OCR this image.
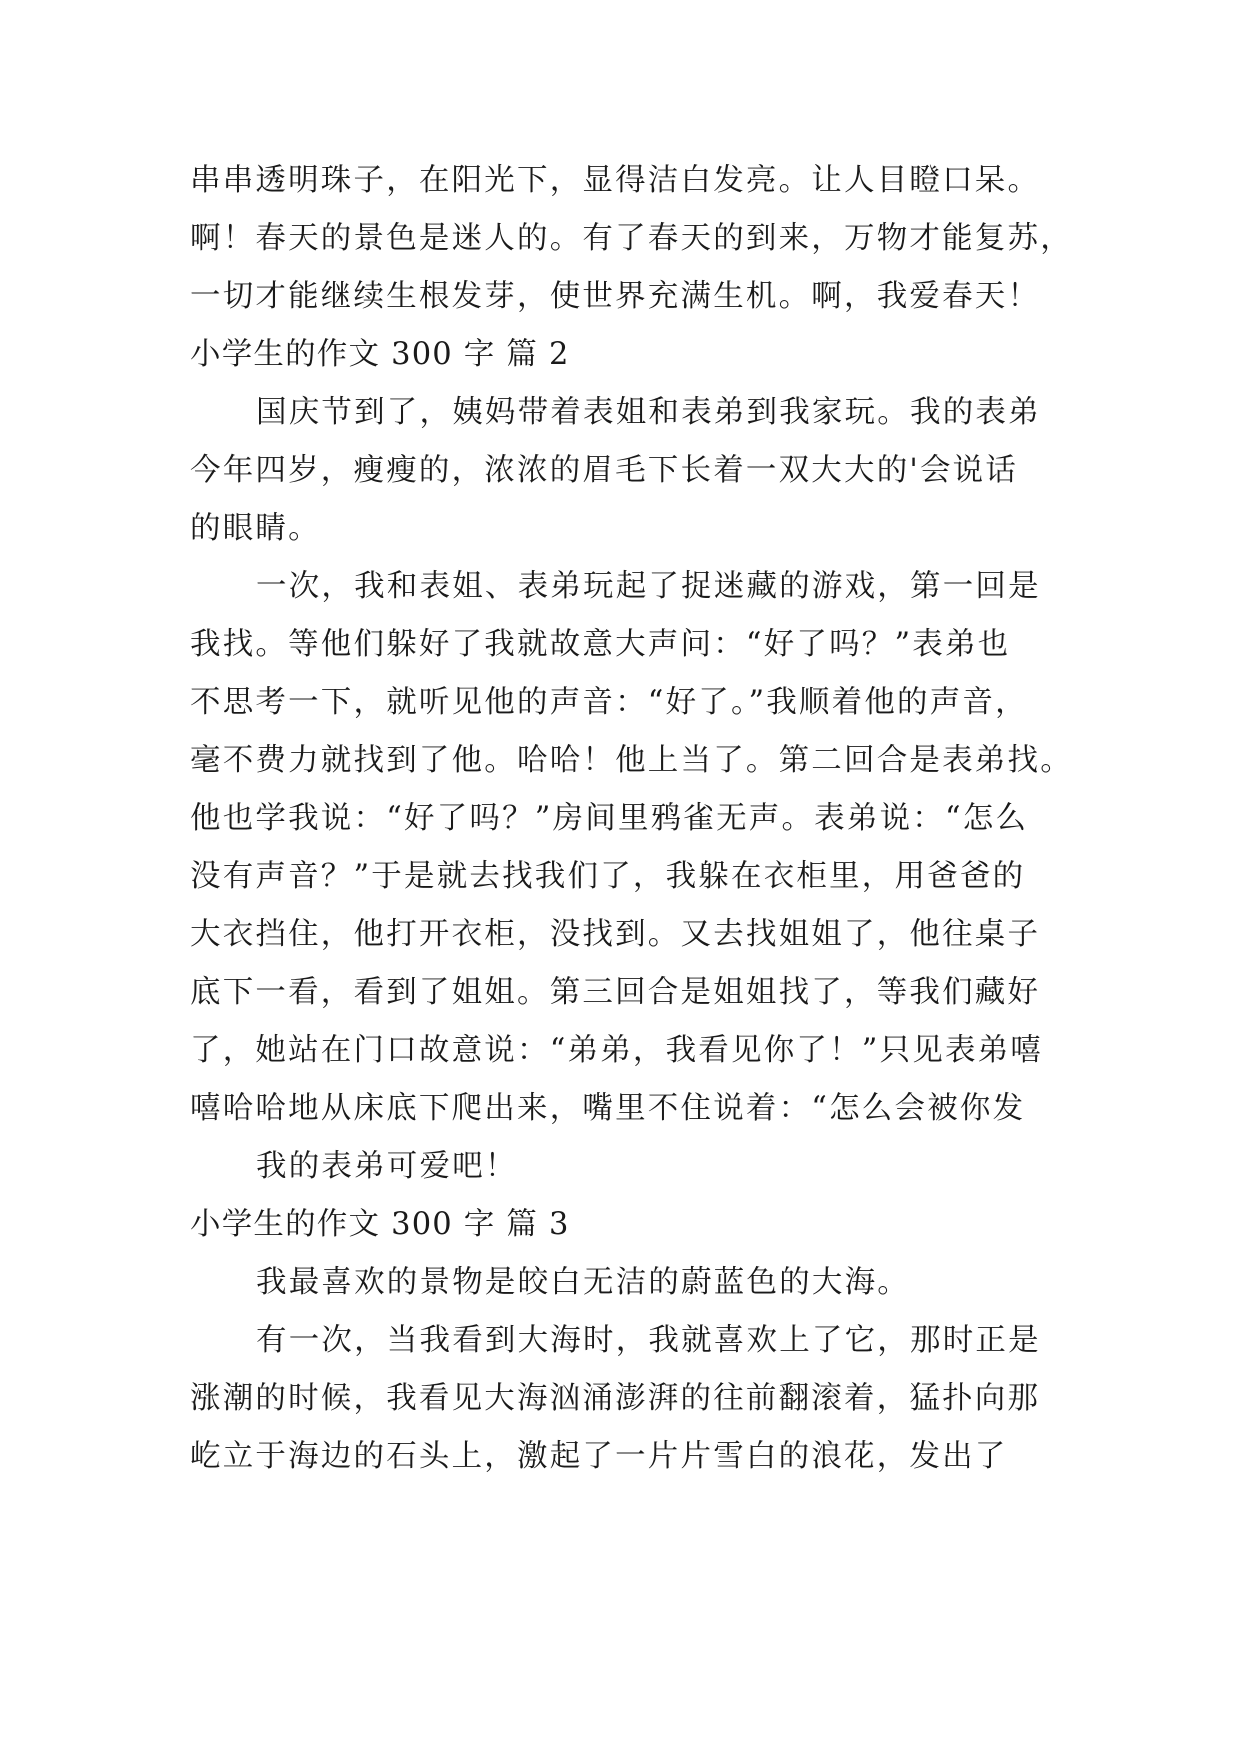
串串透明珠子，在阳光下，显得洁白发亮。让人目瞪口呆。
啊！春天的景色是迷人的。有了春天的到来，万物才能复苏，
一切才能继续生根发芽，使世界充满生机。啊，我爱春天！
小学生的作文 300 字 篇 2
国庆节到了，姨妈带着表姐和表弟到我家玩。我的表弟
今年四岁，瘦瘦的，浓浓的眉毛下长着一双大大的'会说话
的眼睛。
一次，我和表姐、表弟玩起了捉迷藏的游戏，第一回是
我找。等他们躲好了我就故意大声问：“好了吗？”表弟也
不思考一下，就听见他的声音：“好了。”我顺着他的声音，
毫不费力就找到了他。哈哈！他上当了。第二回合是表弟找。
他也学我说：“好了吗？”房间里鸦雀无声。表弟说：“怎么
没有声音？”于是就去找我们了，我躲在衣柜里，用爸爸的
大衣挡住，他打开衣柜，没找到。又去找姐姐了，他往桌子
底下一看，看到了姐姐。第三回合是姐姐找了，等我们藏好
了，她站在门口故意说：“弟弟，我看见你了！”只见表弟嘻
嘻哈哈地从床底下爬出来，嘴里不住说着：“怎么会被你发
我的表弟可爱吧！
小学生的作文 300 字 篇 3
我最喜欢的景物是皎白无洁的蔚蓝色的大海。
有一次，当我看到大海时，我就喜欢上了它，那时正是
涨潮的时候，我看见大海汹涌澎湃的往前翻滚着，猛扑向那
屹立于海边的石头上，激起了一片片雪白的浪花，发出了
